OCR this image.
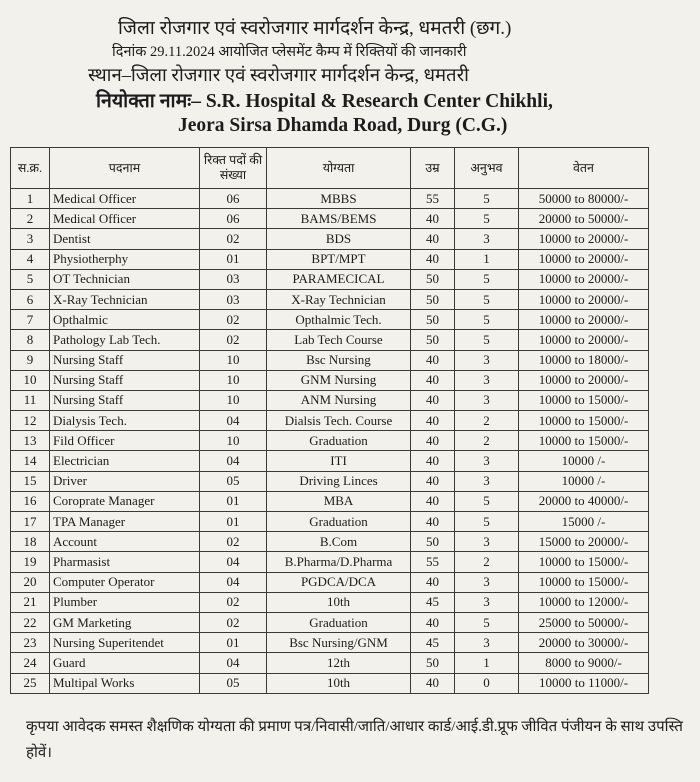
जिला रोजगार एवं स्वरोजगार मार्गदर्शन केन्द्र, धमतरी (छग.)
दिनांक 29.11.2024 आयोजित प्लेसमेंट कैम्प में रिक्तियों की जानकारी
स्थान–जिला रोजगार एवं स्वरोजगार मार्गदर्शन केन्द्र, धमतरी
नियोक्ता नामः– S.R. Hospital & Research Center Chikhli,
Jeora Sirsa Dhamda Road, Durg (C.G.)
स.क्र.	पदनाम	रिक्त पदों की संख्या	योग्यता	उम्र	अनुभव	वेतन
1	Medical Officer	06	MBBS	55	5	50000 to 80000/-
2	Medical Officer	06	BAMS/BEMS	40	5	20000 to 50000/-
3	Dentist	02	BDS	40	3	10000 to 20000/-
4	Physiotherphy	01	BPT/MPT	40	1	10000 to 20000/-
5	OT Technician	03	PARAMECICAL	50	5	10000 to 20000/-
6	X-Ray Technician	03	X-Ray Technician	50	5	10000 to 20000/-
7	Opthalmic	02	Opthalmic Tech.	50	5	10000 to 20000/-
8	Pathology Lab Tech.	02	Lab Tech Course	50	5	10000 to 20000/-
9	Nursing Staff	10	Bsc Nursing	40	3	10000 to 18000/-
10	Nursing Staff	10	GNM Nursing	40	3	10000 to 20000/-
11	Nursing Staff	10	ANM Nursing	40	3	10000 to 15000/-
12	Dialysis Tech.	04	Dialsis Tech. Course	40	2	10000 to 15000/-
13	Fild Officer	10	Graduation	40	2	10000 to 15000/-
14	Electrician	04	ITI	40	3	10000 /-
15	Driver	05	Driving Linces	40	3	10000 /-
16	Coroprate Manager	01	MBA	40	5	20000 to 40000/-
17	TPA Manager	01	Graduation	40	5	15000 /-
18	Account	02	B.Com	50	3	15000 to 20000/-
19	Pharmasist	04	B.Pharma/D.Pharma	55	2	10000 to 15000/-
20	Computer Operator	04	PGDCA/DCA	40	3	10000 to 15000/-
21	Plumber	02	10th	45	3	10000 to 12000/-
22	GM Marketing	02	Graduation	40	5	25000 to 50000/-
23	Nursing Superitendet	01	Bsc Nursing/GNM	45	3	20000 to 30000/-
24	Guard	04	12th	50	1	8000 to 9000/-
25	Multipal Works	05	10th	40	0	10000 to 11000/-
कृपया आवेदक समस्त शैक्षणिक योग्यता की प्रमाण पत्र/निवासी/जाति/आधार कार्ड/आई.डी.प्रूफ जीवित पंजीयन के साथ उपस्ति होवें।
